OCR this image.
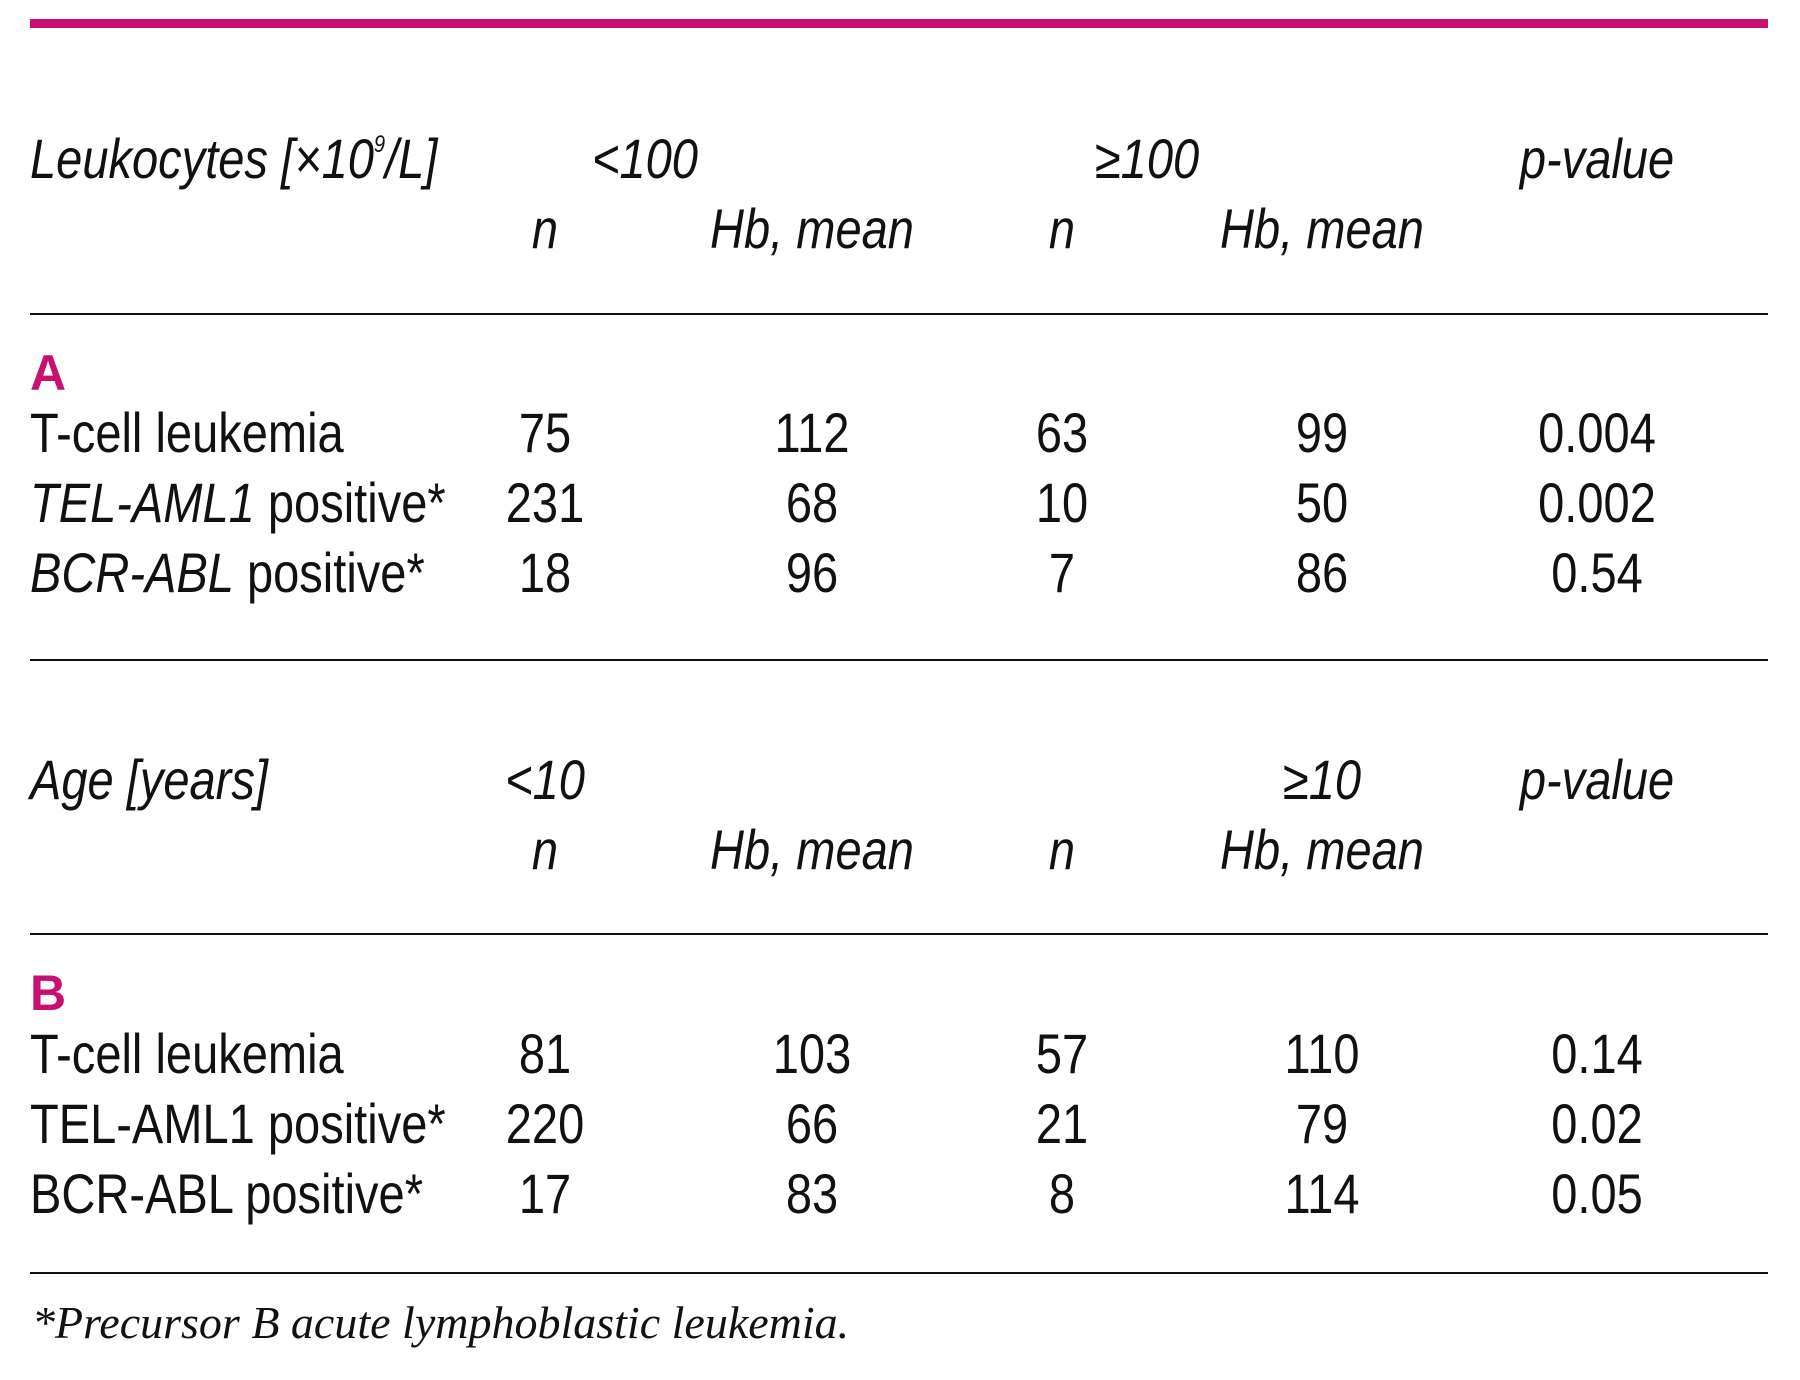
Leukocytes $[\times 10^9/L]$	<100	≥100	p-value
n	Hb, mean	n	Hb, mean
A
T-cell leukemia	75	112	63	99	0.004
TEL-AML1 positive*	231	68	10	50	0.002
BCR-ABL positive*	18	96	7	86	0.54
Age [years]	<10	≥10	p-value
n	Hb, mean	n	Hb, mean
B
T-cell leukemia	81	103	57	110	0.14
TEL-AML1 positive*	220	66	21	79	0.02
BCR-ABL positive*	17	83	8	114	0.05
*Precursor B acute lymphoblastic leukemia.
